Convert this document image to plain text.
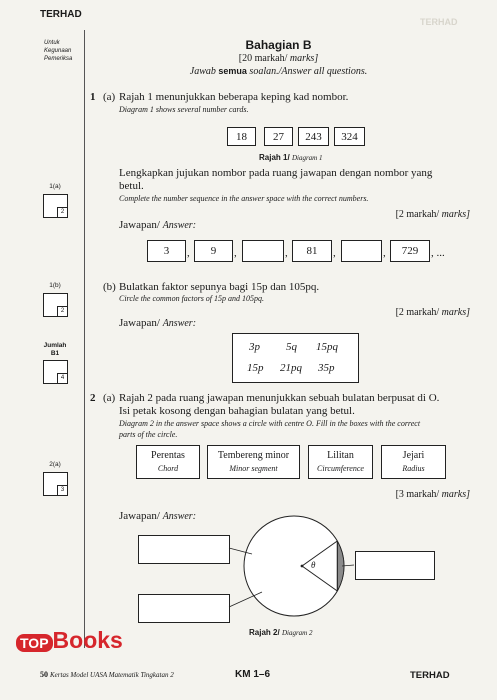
TERHAD
TERHAD
Untuk
Kegunaan
Pemeriksa
1(a)
2
1(b)
2
Jumlah
B1
4
2(a)
3
Bahagian B
[20 markah/ marks]
Jawab semua soalan./Answer all questions.
1 (a) Rajah 1 menunjukkan beberapa keping kad nombor.
Diagram 1 shows several number cards.
18	27	243	324
Rajah 1/ Diagram 1
Lengkapkan jujukan nombor pada ruang jawapan dengan nombor yang
betul.
Complete the number sequence in the answer space with the correct numbers.
[2 markah/ marks]
Jawapan/ Answer:
3	,	9	,	,	81	,	,	729	, ...
(b) Bulatkan faktor sepunya bagi 15p dan 105pq.
Circle the common factors of 15p and 105pq.
[2 markah/ marks]
Jawapan/ Answer:
3p 5q 15pq
15p 21pq 35p
2 (a) Rajah 2 pada ruang jawapan menunjukkan sebuah bulatan berpusat di O.
Isi petak kosong dengan bahagian bulatan yang betul.
Diagram 2 in the answer space shows a circle with centre O. Fill in the boxes with the correct
parts of the circle.
Perentas
Chord
Tembereng minor
Minor segment
Lilitan
Circumference
Jejari
Radius
[3 markah/ marks]
Jawapan/ Answer:
θ
Rajah 2/ Diagram 2
TOP Books
50 Kertas Model UASA Matematik Tingkatan 2	KM 1–6	TERHAD
